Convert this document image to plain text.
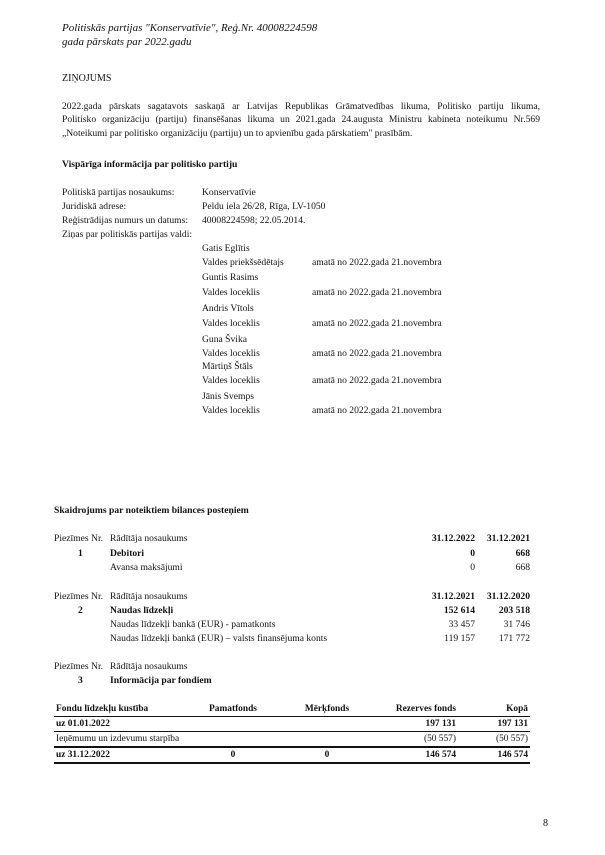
Politiskās partijas "Konservatīvie", Reģ.Nr. 40008224598
gada pārskats par 2022.gadu
ZIŅOJUMS
2022.gada pārskats sagatavots saskaņā ar Latvijas Republikas Grāmatvedības likuma, Politisko partiju likuma,
Politisko organizāciju (partiju) finansēšanas likuma un 2021.gada 24.augusta Ministru kabineta noteikumu Nr.569
„Noteikumi par politisko organizāciju (partiju) un to apvienību gada pārskatiem" prasībām.
Vispārīga informācija par politisko partiju
Politiskā partijas nosaukums:	Konservatīvie
Juridiskā adrese:	Peldu iela 26/28, Rīga, LV-1050
Reģistrādijas numurs un datums: 40008224598; 22.05.2014.
Ziņas par politiskās partijas valdi:
Gatis Eglītis
Valdes priekšsēdētajs	amatā no 2022.gada 21.novembra
Guntis Rasims
Valdes loceklis	amatā no 2022.gada 21.novembra
Andris Vītols
Valdes loceklis	amatā no 2022.gada 21.novembra
Guna Švika
Valdes loceklis	amatā no 2022.gada 21.novembra
Mārtiņš Štāls
Valdes loceklis	amatā no 2022.gada 21.novembra
Jānis Svemps
Valdes loceklis	amatā no 2022.gada 21.novembra
Skaidrojums par noteiktiem bilances posteņiem
Piezīmes Nr. Rādītāja nosaukums	31.12.2022	31.12.2021
1	Debitori	0	668
Avansa maksājumi	0	668
Piezīmes Nr. Rādītāja nosaukums	31.12.2021	31.12.2020
2	Naudas līdzekļi	152 614	203 518
Naudas līdzekļi bankā (EUR) - pamatkonts	33 457	31 746
Naudas līdzekļi bankā (EUR) – valsts finansējuma konts	119 157	171 772
Piezīmes Nr. Rādītāja nosaukums
3	Informācija par fondiem
Fondu līdzekļu kustība	Pamatfonds	Mērķfonds	Rezerves fonds	Kopā
uz 01.01.2022			197 131	197 131
Ieņēmumu un izdevumu starpība			(50 557)	(50 557)
uz 31.12.2022	0	0	146 574	146 574
8
